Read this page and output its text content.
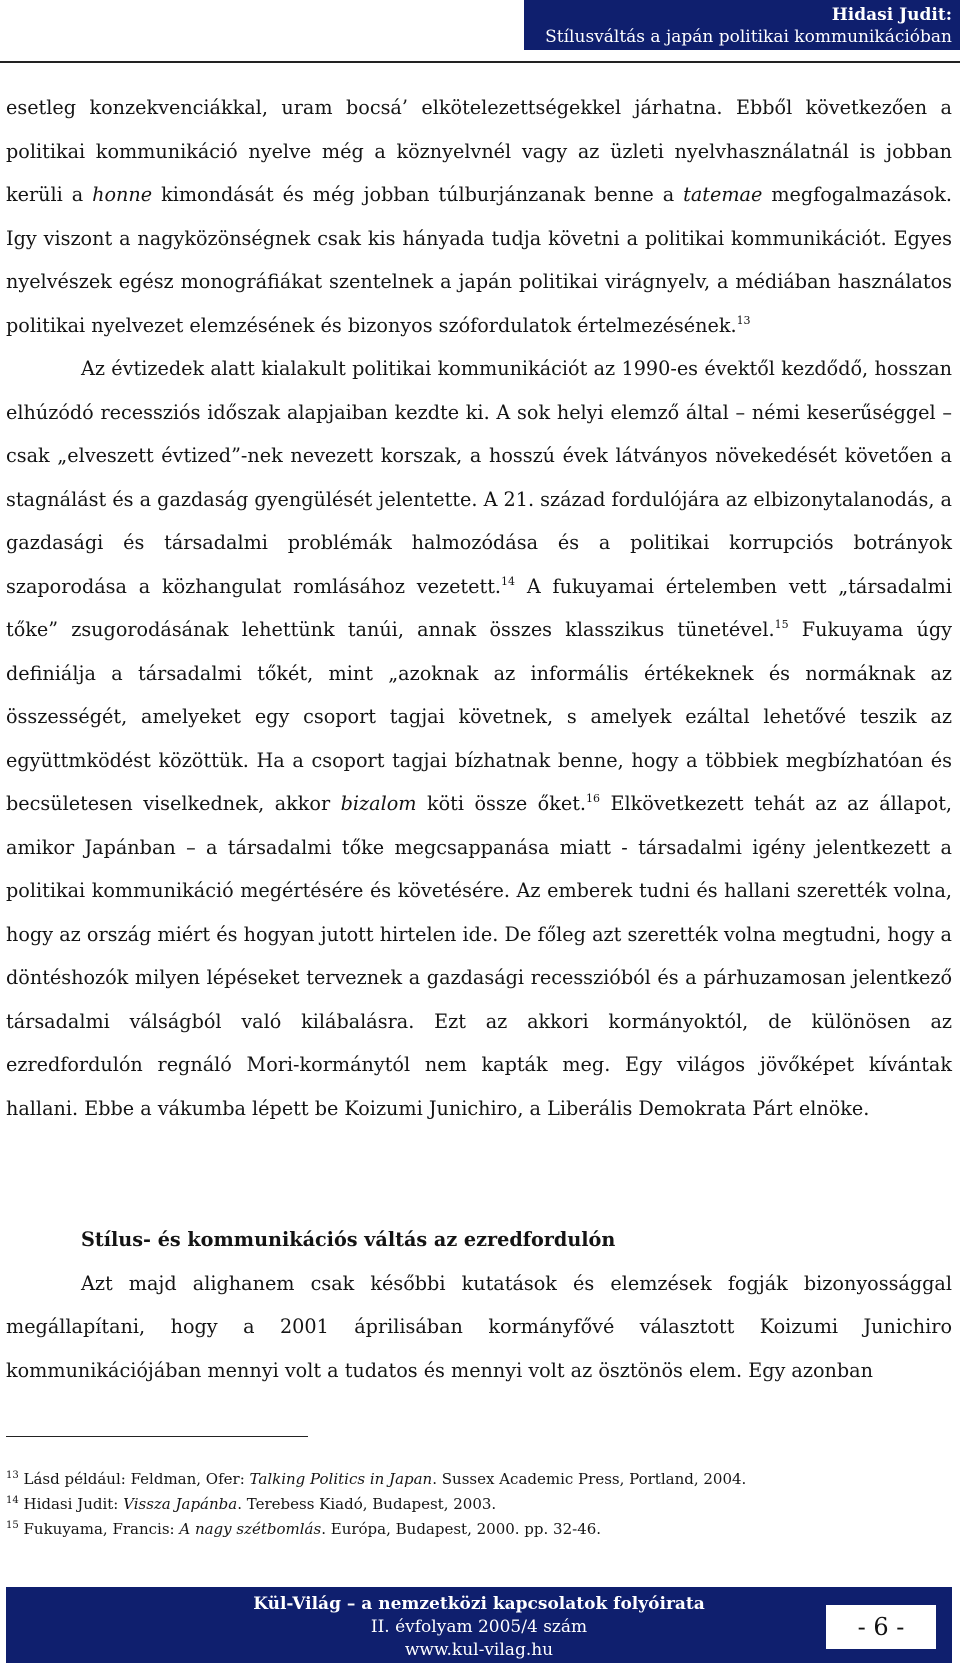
Hidasi Judit:
Stílusváltás a japán politikai kommunikációban

esetleg konzekvenciákkal, uram bocsá’ elkötelezettségekkel járhatna. Ebből következően a politikai kommunikáció nyelve még a köznyelvnél vagy az üzleti nyelvhasználatnál is jobban kerüli a honne kimondását és még jobban túlburjánzanak benne a tatemae megfogalmazások. Igy viszont a nagyközönségnek csak kis hányada tudja követni a politikai kommunikációt. Egyes nyelvészek egész monográfiákat szentelnek a japán politikai virágnyelv, a médiában használatos politikai nyelvezet elemzésének és bizonyos szófordulatok értelmezésének.$^{13}$

Az évtizedek alatt kialakult politikai kommunikációt az 1990-es évektől kezdődő, hosszan elhúzódó recessziós időszak alapjaiban kezdte ki. A sok helyi elemző által – némi keserűséggel – csak „elveszett évtized”-nek nevezett korszak, a hosszú évek látványos növekedését követően a stagnálást és a gazdaság gyengülését jelentette. A 21. század fordulójára az elbizonytalanodás, a gazdasági és társadalmi problémák halmozódása és a politikai korrupciós botrányok szaporodása a közhangulat romlásához vezetett.$^{14}$ A fukuyamai értelemben vett „társadalmi tőke” zsugorodásának lehettünk tanúi, annak összes klasszikus tünetével.$^{15}$ Fukuyama úgy definiálja a társadalmi tőkét, mint „azoknak az informális értékeknek és normáknak az összességét, amelyeket egy csoport tagjai követnek, s amelyek ezáltal lehetővé teszik az együttmködést közöttük. Ha a csoport tagjai bízhatnak benne, hogy a többiek megbízhatóan és becsületesen viselkednek, akkor bizalom köti össze őket.$^{16}$ Elkövetkezett tehát az az állapot, amikor Japánban – a társadalmi tőke megcsappanása miatt - társadalmi igény jelentkezett a politikai kommunikáció megértésére és követésére. Az emberek tudni és hallani szerették volna, hogy az ország miért és hogyan jutott hirtelen ide. De főleg azt szerették volna megtudni, hogy a döntéshozók milyen lépéseket terveznek a gazdasági recesszióból és a párhuzamosan jelentkező társadalmi válságból való kilábalásra. Ezt az akkori kormányoktól, de különösen az ezredfordulón regnáló Mori-kormánytól nem kapták meg. Egy világos jövőképet kívántak hallani. Ebbe a vákumba lépett be Koizumi Junichiro, a Liberális Demokrata Párt elnöke.

Stílus- és kommunikációs váltás az ezredfordulón

Azt majd alighanem csak későbbi kutatások és elemzések fogják bizonyossággal megállapítani, hogy a 2001 áprilisában kormányfővé választott Koizumi Junichiro kommunikációjában mennyi volt a tudatos és mennyi volt az ösztönös elem. Egy azonban

$^{13}$ Lásd például: Feldman, Ofer: Talking Politics in Japan. Sussex Academic Press, Portland, 2004.
$^{14}$ Hidasi Judit: Vissza Japánba. Terebess Kiadó, Budapest, 2003.
$^{15}$ Fukuyama, Francis: A nagy szétbomlás. Európa, Budapest, 2000. pp. 32-46.
Kül-Világ – a nemzetközi kapcsolatok folyóirata
II. évfolyam 2005/4 szám
www.kul-vilag.hu
- 6 -
